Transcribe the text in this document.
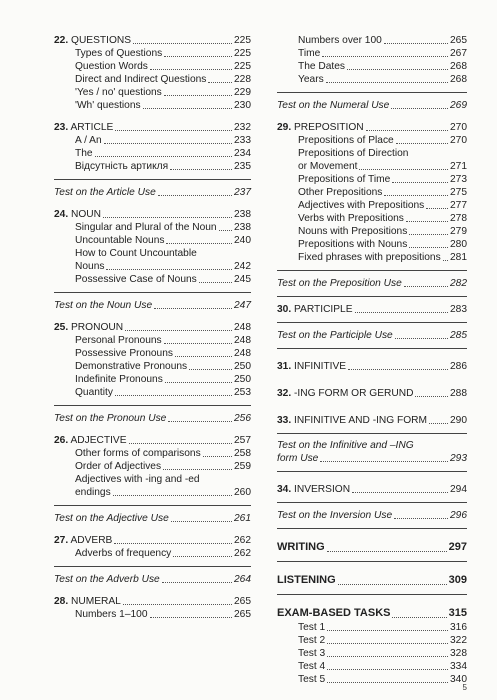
22. QUESTIONS	225
Types of Questions	225
Question Words	225
Direct and Indirect Questions	228
'Yes / no' questions	229
'Wh' questions	230
23. ARTICLE	232
A / An	233
The	234
Відсутність артикля	235
Test on the Article Use	237
24. NOUN	238
Singular and Plural of the Noun 238
Uncountable Nouns	240
How to Count Uncountable
Nouns	242
Possessive Case of Nouns	245
Test on the Noun Use	247
25. PRONOUN	248
Personal Pronouns	248
Possessive Pronouns	248
Demonstrative Pronouns	250
Indefinite Pronouns	250
Quantity	253
Test on the Pronoun Use	256
26. ADJECTIVE	257
Other forms of comparisons	258
Order of Adjectives	259
Adjectives with -ing and -ed
endings	260
Test on the Adjective Use	261
27. ADVERB	262
Adverbs of frequency	262
Test on the Adverb Use	264
28. NUMERAL	265
Numbers 1–100	265
Numbers over 100	265
Time	267
The Dates	268
Years	268
Test on the Numeral Use	269
29. PREPOSITION	270
Prepositions of Place	270
Prepositions of Direction
or Movement	271
Prepositions of Time	273
Other Prepositions	275
Adjectives with Prepositions	277
Verbs with Prepositions	278
Nouns with Prepositions	279
Prepositions with Nouns	280
Fixed phrases with prepositions 281
Test on the Preposition Use	282
30. PARTICIPLE	283
Test on the Participle Use	285
31. INFINITIVE	286
32. -ING FORM OR GERUND	288
33. INFINITIVE AND -ING FORM 290
Test on the Infinitive and –ING
form Use	293
34. INVERSION	294
Test on the Inversion Use	296
WRITING	297
LISTENING	309
EXAM-BASED TASKS	315
Test 1	316
Test 2	322
Test 3	328
Test 4	334
Test 5	340
5
